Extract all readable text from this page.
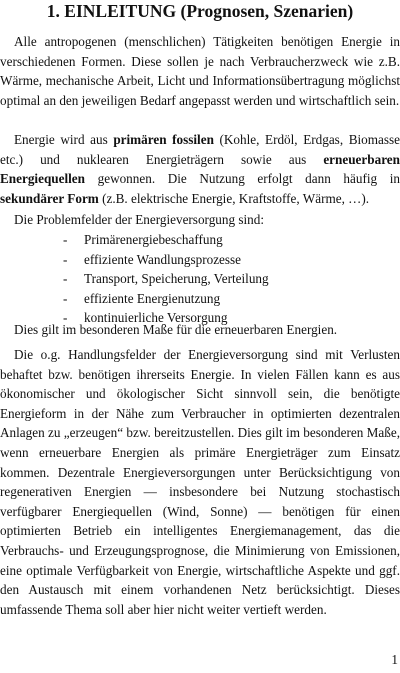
1. EINLEITUNG (Prognosen, Szenarien)

Alle antropogenen (menschlichen) Tätigkeiten benötigen Energie in verschiedenen Formen. Diese sollen je nach Verbraucherzweck wie z.B. Wärme, mechanische Arbeit, Licht und Informationsübertragung möglichst optimal an den jeweiligen Bedarf angepasst werden und wirtschaftlich sein.

Energie wird aus primären fossilen (Kohle, Erdöl, Erdgas, Biomasse etc.) und nuklearen Energieträgern sowie aus erneuerbaren Energiequellen gewonnen. Die Nutzung erfolgt dann häufig in sekundärer Form (z.B. elektrische Energie, Kraftstoffe, Wärme, …).

Die Problemfelder der Energieversorgung sind:

- Primärenergiebeschaffung
- effiziente Wandlungsprozesse
- Transport, Speicherung, Verteilung
- effiziente Energienutzung
- kontinuierliche Versorgung

Dies gilt im besonderen Maße für die erneuerbaren Energien.

Die o.g. Handlungsfelder der Energieversorgung sind mit Verlusten behaftet bzw. benötigen ihrerseits Energie. In vielen Fällen kann es aus ökonomischer und ökologischer Sicht sinnvoll sein, die benötigte Energieform in der Nähe zum Verbraucher in optimierten dezentralen Anlagen zu „erzeugen“ bzw. bereitzustellen. Dies gilt im besonderen Maße, wenn erneuerbare Energien als primäre Energieträger zum Einsatz kommen. Dezentrale Energieversorgungen unter Berücksichtigung von regenerativen Energien — insbesondere bei Nutzung stochastisch verfügbarer Energiequellen (Wind, Sonne) — benötigen für einen optimierten Betrieb ein intelligentes Energiemanagement, das die Verbrauchs- und Erzeugungsprognose, die Minimierung von Emissionen, eine optimale Verfügbarkeit von Energie, wirtschaftliche Aspekte und ggf. den Austausch mit einem vorhandenen Netz berücksichtigt. Dieses umfassende Thema soll aber hier nicht weiter vertieft werden.

1
